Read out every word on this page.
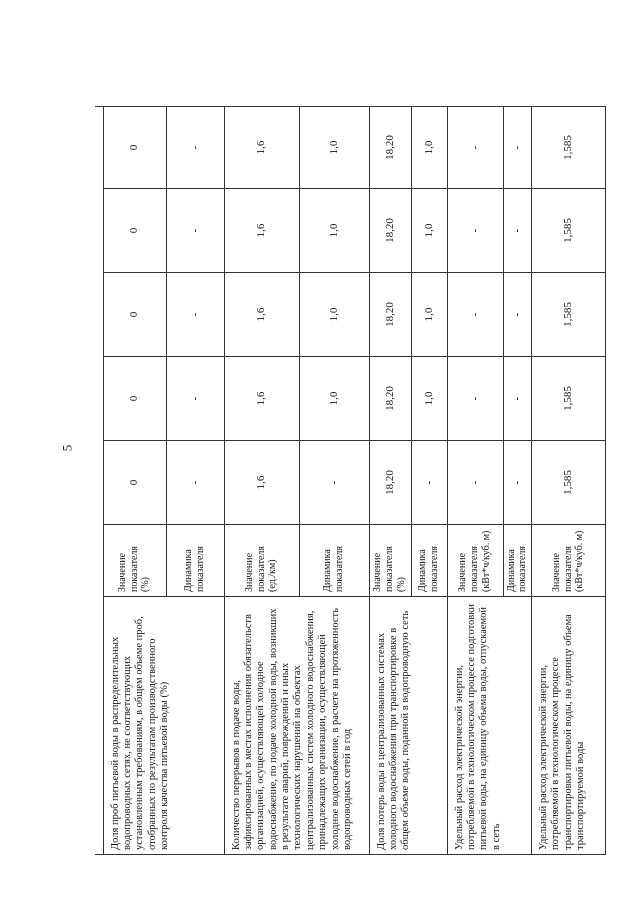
5

Доля проб питьевой воды в распределительных водопроводных сетях, не соответствующих установленным требованиям, в общем объеме проб, отобранных по результатам производственного контроля качества питьевой воды (%)	Значение показателя (%)	0	0	0	0	0
	Динамика показателя	-	-	-	-	-
Количество перерывов в подаче воды, зафиксированных в местах исполнения обязательств организацией, осуществляющей холодное водоснабжение, по подаче холодной воды, возникших в результате аварий, повреждений и иных технологических нарушений на объектах централизованных систем холодного водоснабжения, принадлежащих организации, осуществляющей холодное водоснабжение, в расчете на протяженность водопроводных сетей в год	Значение показателя (ед./км)	1,6	1,6	1,6	1,6	1,6
	Динамика показателя	-	1,0	1,0	1,0	1,0
Доля потерь воды в централизованных системах холодного водоснабжения при транспортировке в общем объеме воды, поданной в водопроводную сеть	Значение показателя (%)	18,20	18,20	18,20	18,20	18,20
	Динамика показателя	-	1,0	1,0	1,0	1,0
Удельный расход электрической энергии, потребляемой в технологическом процессе подготовки питьевой воды, на единицу объема воды, отпускаемой в сеть	Значение показателя (кВт*ч/куб. м)	-	-	-	-	-
	Динамика показателя	-	-	-	-	-
Удельный расход электрической энергии, потребляемой в технологическом процессе транспортировки питьевой воды, на единицу объема транспортируемой воды	Значение показателя (кВт*ч/куб. м)	1,585	1,585	1,585	1,585	1,585
